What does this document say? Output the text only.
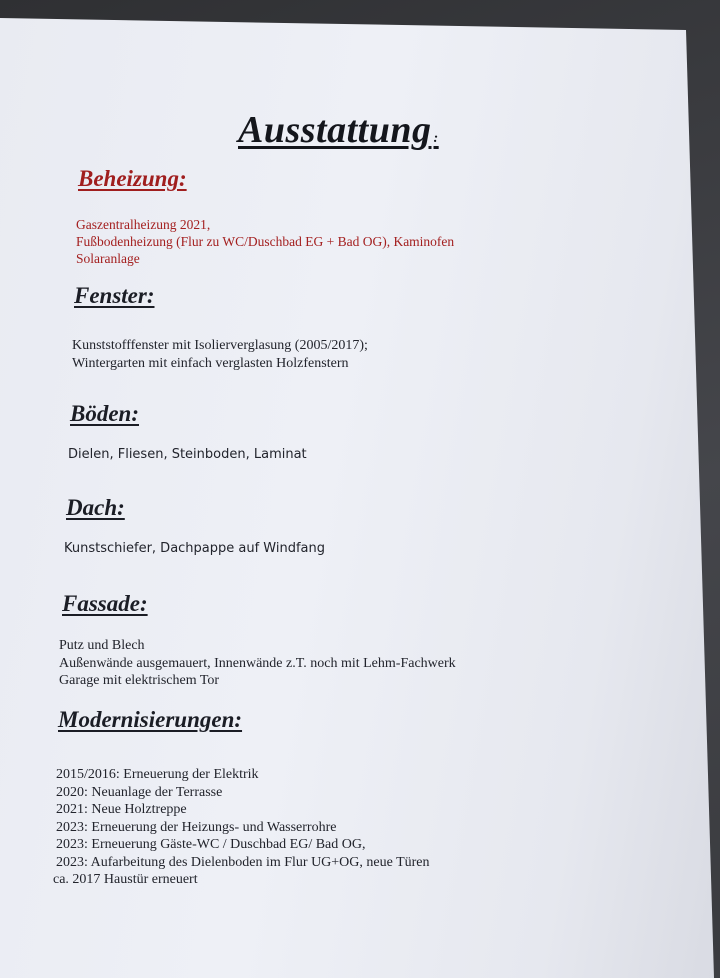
Ausstattung :
Beheizung:
Gaszentralheizung 2021,
Fußbodenheizung (Flur zu WC/Duschbad EG + Bad OG), Kaminofen
Solaranlage
Fenster:
Kunststofffenster mit Isolierverglasung (2005/2017);
Wintergarten mit einfach verglasten Holzfenstern
Böden:
Dielen, Fliesen, Steinboden, Laminat
Dach:
Kunstschiefer, Dachpappe auf Windfang
Fassade:
Putz und Blech
Außenwände ausgemauert, Innenwände z.T. noch mit Lehm-Fachwerk
Garage mit elektrischem Tor
Modernisierungen:
2015/2016: Erneuerung der Elektrik
2020: Neuanlage der Terrasse
2021: Neue Holztreppe
2023: Erneuerung der Heizungs- und Wasserrohre
2023: Erneuerung Gäste-WC / Duschbad EG/ Bad OG,
2023: Aufarbeitung des Dielenboden im Flur UG+OG, neue Türen
ca. 2017 Haustür erneuert
